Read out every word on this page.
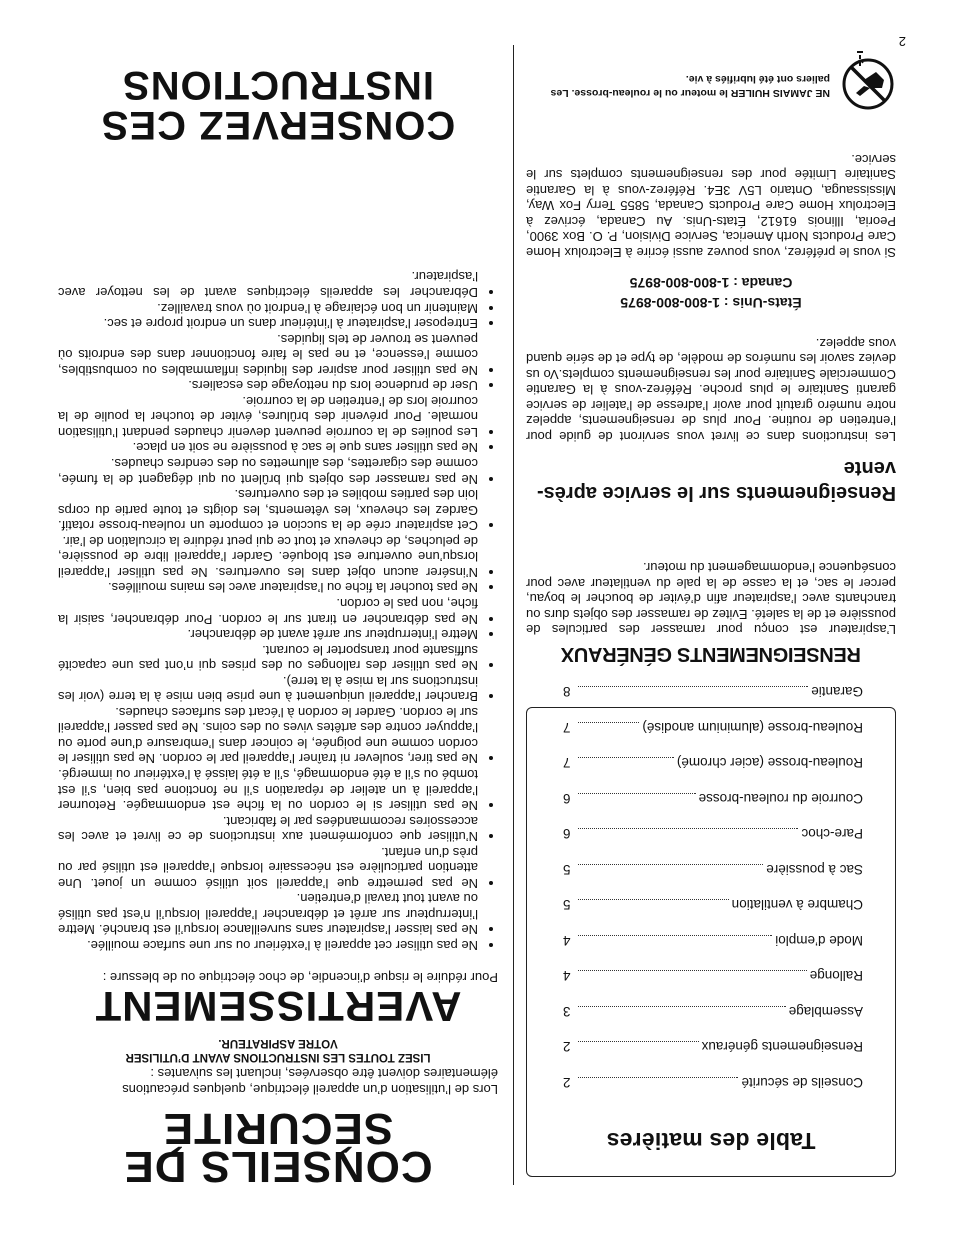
2
Table des matières
Conseils de sécurité
2
Renseignements généraux
2
Assemblage
3
Rallonge
4
Mode d’emploi
4
Chambre à ventilation
5
Sac à poussière
5
Pare-choc
6
Courroie du rouleau-brosse
6
Rouleau-brosse (acier chromé)
7
Rouleau-brosse (aluminium anodisé)
7
Garantie
8
RENSEIGNEMENTS GÉNÉRAUX

L’aspirateur est conçu pour ramasser des particules de poussière et de la saleté. Evitez de ramasser des objets durs ou tranchants avec l’aspirateur afin d’éviter de boucher le boyau, percer le sac, et la casse de la pale du ventilateur avec pour conséquence l’endommagement du moteur.

Renseignements sur le service après-vente

Les instructions dans ce livret vous serviront de guide pour l’entretien de routine. Pour plus de renseignements, appelez notre numéro gratuit pour avoir l’adresse de l’atelier de service garanti Sanitaire le plus proche. Référez-vous à la Garantie Commerciale Sanitaire pour les renseignements complets.Vo us deviez savoir les numéros de modèle, de type et de série quand vous appelez.

États-Unis : 1-800-800-8975
Canada : 1-800-800-8975

Si vous le préférez, vous pouvez aussi écrire à Electrolux Home Care Products North America, Service Division, P. O. Box 3900, Peoria, Illinois 61612, États-Unis. Au Canada, écrivez à Electrolux Home Care Products Canada, 5855 Terry Fox Way, Mississauga, Ontario L5V 3E4. Référez-vous à la Garantie Sanitaire Limitée pour des renseignements complets sur le service.

NE JAMAIS HUILER le moteur ou le rouleau-brosse. Les paliers ont été lubrifiés à vie.
CONSEILS DE
SÉCURITÉ

Lors de l’utilisation d’un appareil électrique, quelques précautions élémentaires doivent être observées, incluant les suivantes :

LISEZ TOUTES LES INSTRUCTIONS AVANT D’UTILISER
VOTRE ASPIRATEUR.
AVERTISSEMENT

Pour réduire le risque d’incendie, de choc électrique ou de blessure :

• Ne pas utiliser cet appareil à l’extérieur ou sur une surface mouillée.
• Ne pas laisser l’aspirateur sans surveillance lorsqu’il est branché. Mettre l’interrupteur sur arrêt et débrancher l’appareil lorsqu’il n’est pas utilisé ou avant tout travail d’entretien.
• Ne pas permettre que l’appareil soit utilisé comme un jouet. Une attention particulière est nécessaire lorsque l’appareil est utilisé par ou près d’un enfant.
• N’utiliser que conformément aux instructions de ce livret et avec les accessoires recommandées par le fabricant.
• Ne pas utiliser si le cordon ou la fiche est endommagée. Retourner l’appareil à un atelier de réparation s’il ne fonctione pas bien, s’il est tombé ou s’il a été endommagé, s’il a été laissé à l’extérieur ou immergé.
• Ne pas tirer, soulever ni traîner l’appareil par le cordon. Ne pas utiliser le cordon comme une poignée, le coincer dans l’embrasure d’une porte ou l’appuyer contre des artêtes vives ou des coins. Ne pas passer l’appareil sur le cordon. Garder le cordon à l’écart des surfaces chaudes.
• Brancher l’appareil uniquement à une prise bien mise à la terre (voir les instructions sur la mise à la terre).
• Ne pas utiliser des rallonges ou des prises qui n’ont pas une capacité suffisante pour transporter le courant.
• Mettre l’interrupteur sur arrêt avant de débrancher.
• Ne pas débrancher en tirant sur le cordon. Pour débrancher, saisir la fiche, non pas le cordon.
• Ne pas toucher la fiche ou l’aspirateur avec les mains mouillées.
• N’insérer aucun objet dans les ouvertures. Ne pas utiliser l’appareil lorsqu’une ouverture est bloquée. Garder l’appareil libre de poussière, de peluches, de cheveux et tout ce qui peut réduire la circulation de l’air.
• Cet aspirateur crée de la succion et comporte un rouleau-brosse rotatif. Gardez les cheveux, les vêtements, les doigts et toute partie du corps loin des parties mobiles et des ouvertures.
• Ne pas ramasser des objets qui brûlent ou qui dégagent de la fumée, comme des cigarettes, des allumettes ou des cendres chaudes.
• Ne pas utiliser sans que le sac à poussière ne soit en place.
• Les poulies de la courroie peuvent devenir chaudes pendant l’utilisation normale. Pour prévenir des brûlures, éviter de toucher la poulie de la courroie lors de l’entretien de la courroie.
• User de prudence lors du nettoyage des escaliers.
• Ne pas utiliser pour aspirer des liquides inflammables ou combustibles, comme l’essence, et ne pas le faire fonctionner dans des endroits où peuvent se trouver de tels liquides.
• Entreposer l’aspirateur à l’intérieur dans un endroit propre et sec.
• Maintenir un bon éclairage à l’endroit où vous travaillez.
• Débrancher les appareils électriques avant de les nettoyer avec l’aspirateur.
CONSERVEZ CES
INSTRUCTIONS
